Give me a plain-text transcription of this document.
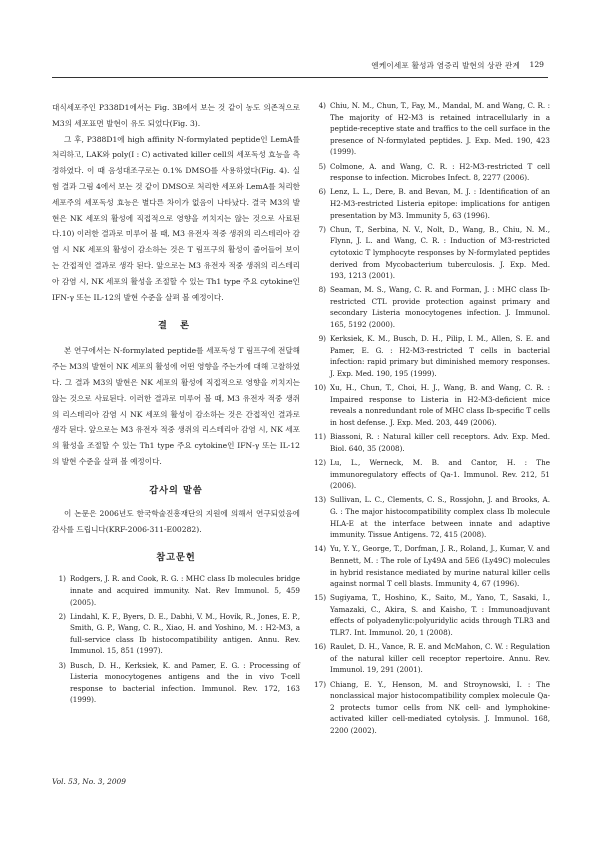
엔케이세포 활성과 염증리 발현의 상관 관계 129

대식세포주인 P338D1에서는 Fig. 3B에서 보는 것 같이 농도 의존적으로 M3의 세포표면 발현이 유도 되었다(Fig. 3).

그 후, P388D1에 high affinity N-formylated peptide인 LemA를 처리하고, LAK와 poly(I : C) activated killer cell의 세포독성 효능을 측정하였다. 이 때 음성대조구로는 0.1% DMSO를 사용하였다(Fig. 4). 실험 결과 그림 4에서 보는 것 같이 DMSO로 처리한 세포와 LemA를 처리한 세포주의 세포독성 효능은 별다른 차이가 없음이 나타났다. 결국 M3의 발현은 NK 세포의 활성에 직접적으로 영향을 끼치지는 않는 것으로 사료된다.10) 이러한 결과로 미루어 볼 때, M3 유전자 적중 생쥐의 리스테리아 감염 시 NK 세포의 활성이 감소하는 것은 T 림프구의 활성이 줄어들어 보이는 간접적인 결과로 생각 된다. 앞으로는 M3 유전자 적중 생쥐의 리스테리아 감염 시, NK 세포의 활성을 조절할 수 있는 Th1 type 주요 cytokine인 IFN-γ 또는 IL-12의 발현 수준을 살펴 볼 예정이다.

결 론

본 연구에서는 N-formylated peptide를 세포독성 T 림프구에 전달해 주는 M3의 발현이 NK 세포의 활성에 어떤 영향을 주는가에 대해 고찰하였다. 그 결과 M3의 발현은 NK 세포의 활성에 직접적으로 영향을 끼치지는 않는 것으로 사료된다. 이러한 결과로 미루어 볼 때, M3 유전자 적중 생쥐의 리스테리아 감염 시 NK 세포의 활성이 감소하는 것은 간접적인 결과로 생각 된다. 앞으로는 M3 유전자 적중 생쥐의 리스테리아 감염 시, NK 세포의 활성을 조절할 수 있는 Th1 type 주요 cytokine인 IFN-γ 또는 IL-12의 발현 수준을 살펴 볼 예정이다.

감사의 말씀

이 논문은 2006년도 한국학술진흥재단의 지원에 의해서 연구되었음에 감사를 드립니다(KRF-2006-311-E00282).

참고문헌

1) Rodgers, J. R. and Cook, R. G. : MHC class Ib molecules bridge innate and acquired immunity. Nat. Rev Immunol. 5, 459 (2005).
2) Lindahl, K. F., Byers, D. E., Dabhi, V. M., Hovik, R., Jones, E. P., Smith, G. P., Wang, C. R., Xiao, H. and Yoshino, M. : H2-M3, a full-service class Ib histocompatibility antigen. Annu. Rev. Immunol. 15, 851 (1997).
3) Busch, D. H., Kerksiek, K. and Pamer, E. G. : Processing of Listeria monocytogenes antigens and the in vivo T-cell response to bacterial infection. Immunol. Rev. 172, 163 (1999).
4) Chiu, N. M., Chun, T., Fay, M., Mandal, M. and Wang, C. R. : The majority of H2-M3 is retained intracellularly in a peptide-receptive state and traffics to the cell surface in the presence of N-formylated peptides. J. Exp. Med. 190, 423 (1999).
5) Colmone, A. and Wang, C. R. : H2-M3-restricted T cell response to infection. Microbes Infect. 8, 2277 (2006).
6) Lenz, L. L., Dere, B. and Bevan, M. J. : Identification of an H2-M3-restricted Listeria epitope: implications for antigen presentation by M3. Immunity 5, 63 (1996).
7) Chun, T., Serbina, N. V., Nolt, D., Wang, B., Chiu, N. M., Flynn, J. L. and Wang, C. R. : Induction of M3-restricted cytotoxic T lymphocyte responses by N-formylated peptides derived from Mycobacterium tuberculosis. J. Exp. Med. 193, 1213 (2001).
8) Seaman, M. S., Wang, C. R. and Forman, J. : MHC class Ib-restricted CTL provide protection against primary and secondary Listeria monocytogenes infection. J. Immunol. 165, 5192 (2000).
9) Kerksiek, K. M., Busch, D. H., Pilip, I. M., Allen, S. E. and Pamer, E. G. : H2-M3-restricted T cells in bacterial infection: rapid primary but diminished memory responses. J. Exp. Med. 190, 195 (1999).
10) Xu, H., Chun, T., Choi, H. J., Wang, B. and Wang, C. R. : Impaired response to Listeria in H2-M3-deficient mice reveals a nonredundant role of MHC class Ib-specific T cells in host defense. J. Exp. Med. 203, 449 (2006).
11) Biassoni, R. : Natural killer cell receptors. Adv. Exp. Med. Biol. 640, 35 (2008).
12) Lu, L., Werneck, M. B. and Cantor, H. : The immunoregulatory effects of Qa-1. Immunol. Rev. 212, 51 (2006).
13) Sullivan, L. C., Clements, C. S., Rossjohn, J. and Brooks, A. G. : The major histocompatibility complex class Ib molecule HLA-E at the interface between innate and adaptive immunity. Tissue Antigens. 72, 415 (2008).
14) Yu, Y. Y., George, T., Dorfman, J. R., Roland, J., Kumar, V. and Bennett, M. : The role of Ly49A and 5E6 (Ly49C) molecules in hybrid resistance mediated by murine natural killer cells against normal T cell blasts. Immunity 4, 67 (1996).
15) Sugiyama, T., Hoshino, K., Saito, M., Yano, T., Sasaki, I., Yamazaki, C., Akira, S. and Kaisho, T. : Immunoadjuvant effects of polyadenylic:polyuridylic acids through TLR3 and TLR7. Int. Immunol. 20, 1 (2008).
16) Raulet, D. H., Vance, R. E. and McMahon, C. W. : Regulation of the natural killer cell receptor repertoire. Annu. Rev. Immunol. 19, 291 (2001).
17) Chiang, E. Y., Henson, M. and Stroynowski, I. : The nonclassical major histocompatibility complex molecule Qa-2 protects tumor cells from NK cell- and lymphokine-activated killer cell-mediated cytolysis. J. Immunol. 168, 2200 (2002).
Vol. 53, No. 3, 2009
